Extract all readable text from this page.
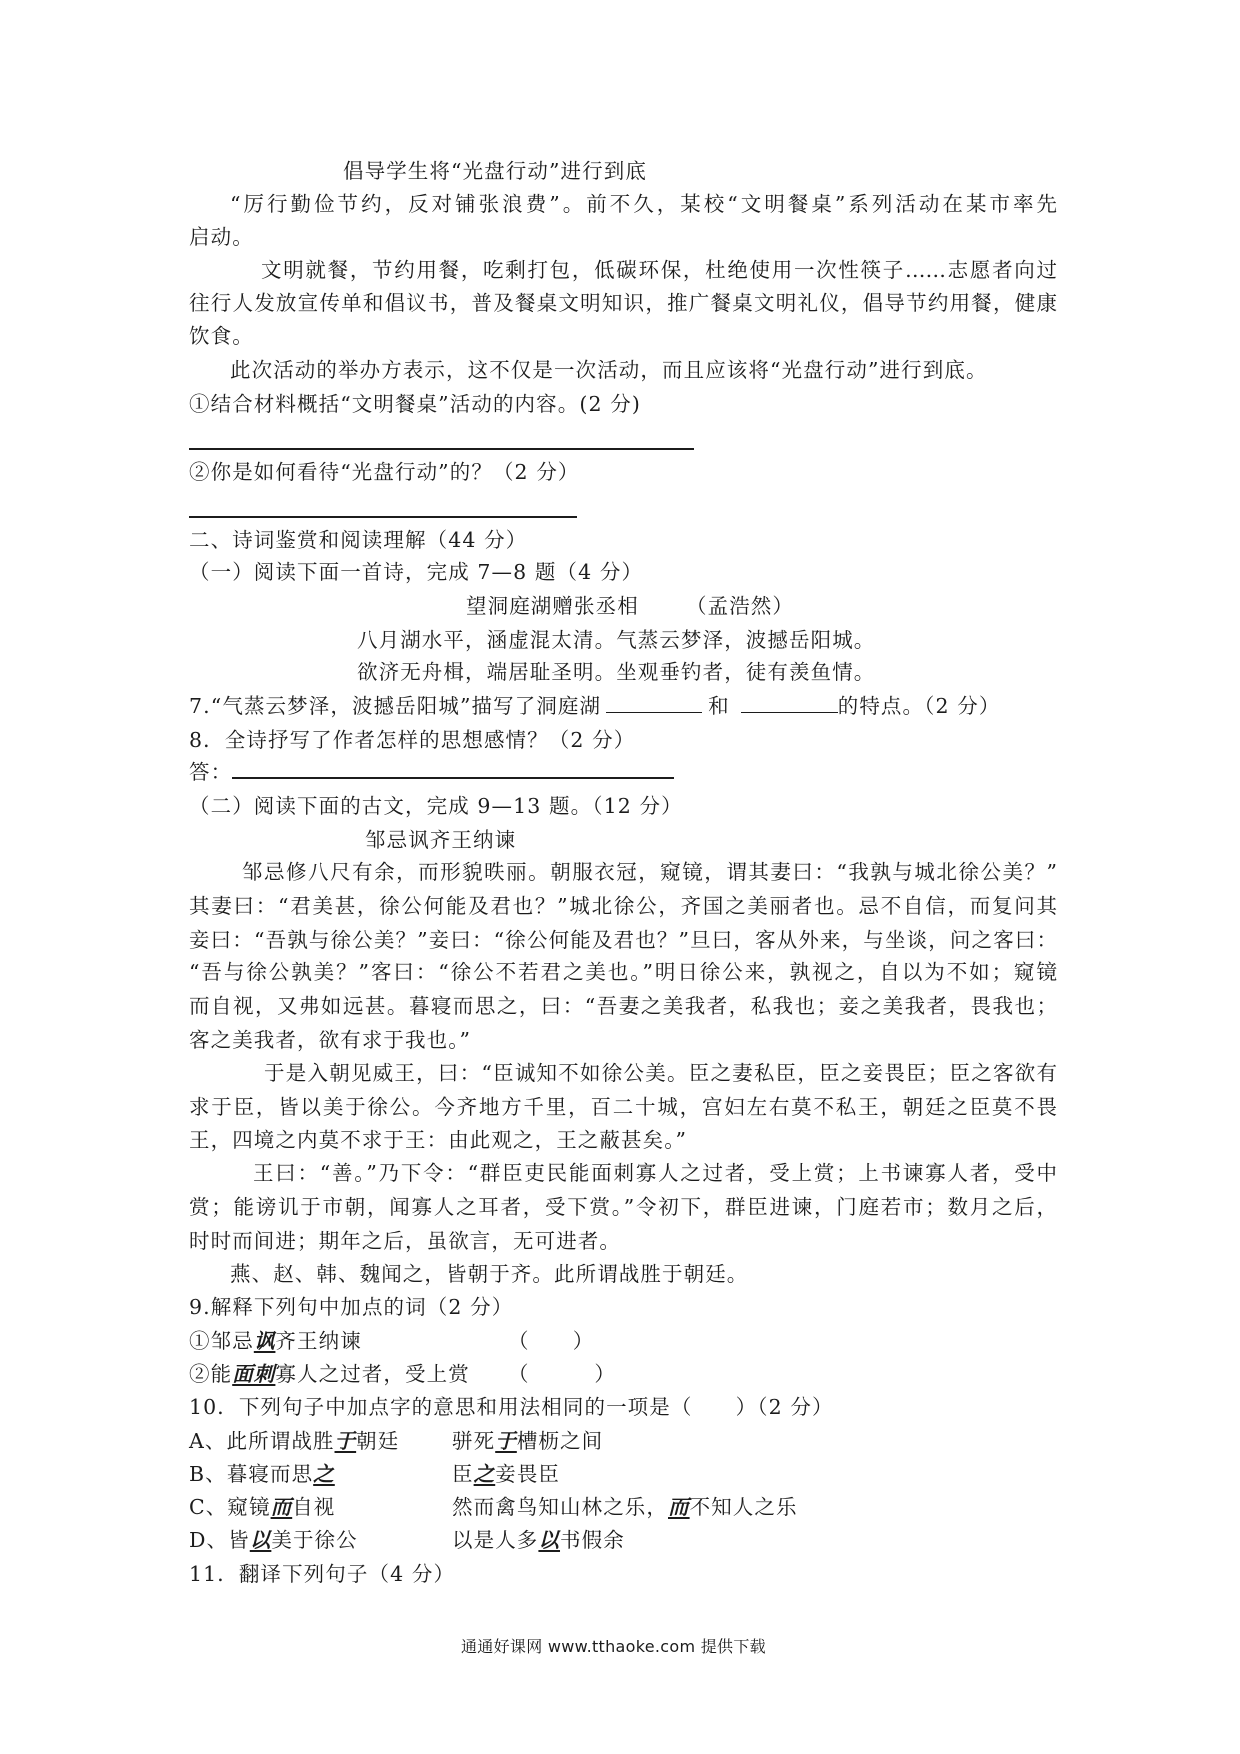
倡导学生将“光盘行动”进行到底
“厉行勤俭节约，反对铺张浪费”。前不久，某校“文明餐桌”系列活动在某市率先
启动。
文明就餐，节约用餐，吃剩打包，低碳环保，杜绝使用一次性筷子……志愿者向过
往行人发放宣传单和倡议书，普及餐桌文明知识，推广餐桌文明礼仪，倡导节约用餐，健康
饮食。
此次活动的举办方表示，这不仅是一次活动，而且应该将“光盘行动”进行到底。
①结合材料概括“文明餐桌”活动的内容。(2 分)
②你是如何看待“光盘行动”的？（2 分）
二、诗词鉴赏和阅读理解（44 分）
（一）阅读下面一首诗，完成 7—8 题（4 分）
望洞庭湖赠张丞相 （孟浩然）
八月湖水平，涵虚混太清。气蒸云梦泽，波撼岳阳城。
欲济无舟楫，端居耻圣明。坐观垂钓者，徒有羡鱼情。
7.“气蒸云梦泽，波撼岳阳城”描写了洞庭湖	和	的特点。（2 分）
8．全诗抒写了作者怎样的思想感情？（2 分）
答：
（二）阅读下面的古文，完成 9—13 题。（12 分）
邹忌讽齐王纳谏
邹忌修八尺有余，而形貌昳丽。朝服衣冠，窥镜，谓其妻曰：“我孰与城北徐公美？”
其妻曰：“君美甚，徐公何能及君也？”城北徐公，齐国之美丽者也。忌不自信，而复问其
妾曰：“吾孰与徐公美？”妾曰：“徐公何能及君也？”旦曰，客从外来，与坐谈，问之客曰：
“吾与徐公孰美？”客曰：“徐公不若君之美也。”明日徐公来，孰视之，自以为不如；窥镜
而自视，又弗如远甚。暮寝而思之，曰：“吾妻之美我者，私我也；妾之美我者，畏我也；
客之美我者，欲有求于我也。”
于是入朝见威王，曰：“臣诚知不如徐公美。臣之妻私臣，臣之妾畏臣；臣之客欲有
求于臣，皆以美于徐公。今齐地方千里，百二十城，宫妇左右莫不私王，朝廷之臣莫不畏
王，四境之内莫不求于王：由此观之，王之蔽甚矣。”
王曰：“善。”乃下令：“群臣吏民能面刺寡人之过者，受上赏；上书谏寡人者，受中
赏；能谤讥于市朝，闻寡人之耳者，受下赏。”令初下，群臣进谏，门庭若市；数月之后，
时时而间进；期年之后，虽欲言，无可进者。
燕、赵、韩、魏闻之，皆朝于齐。此所谓战胜于朝廷。
9.解释下列句中加点的词（2 分）
①邹忌讽齐王纳谏	（　　）
②能面刺寡人之过者，受上赏 （　　　）
10．下列句子中加点字的意思和用法相同的一项是（　　）（2 分）
A、此所谓战胜于朝廷	骈死于槽枥之间
B、暮寝而思之	臣之妾畏臣
C、窥镜而自视	然而禽鸟知山林之乐，而不知人之乐
D、皆以美于徐公	以是人多以书假余
11．翻译下列句子（4 分）
通通好课网 www.tthaoke.com 提供下载
